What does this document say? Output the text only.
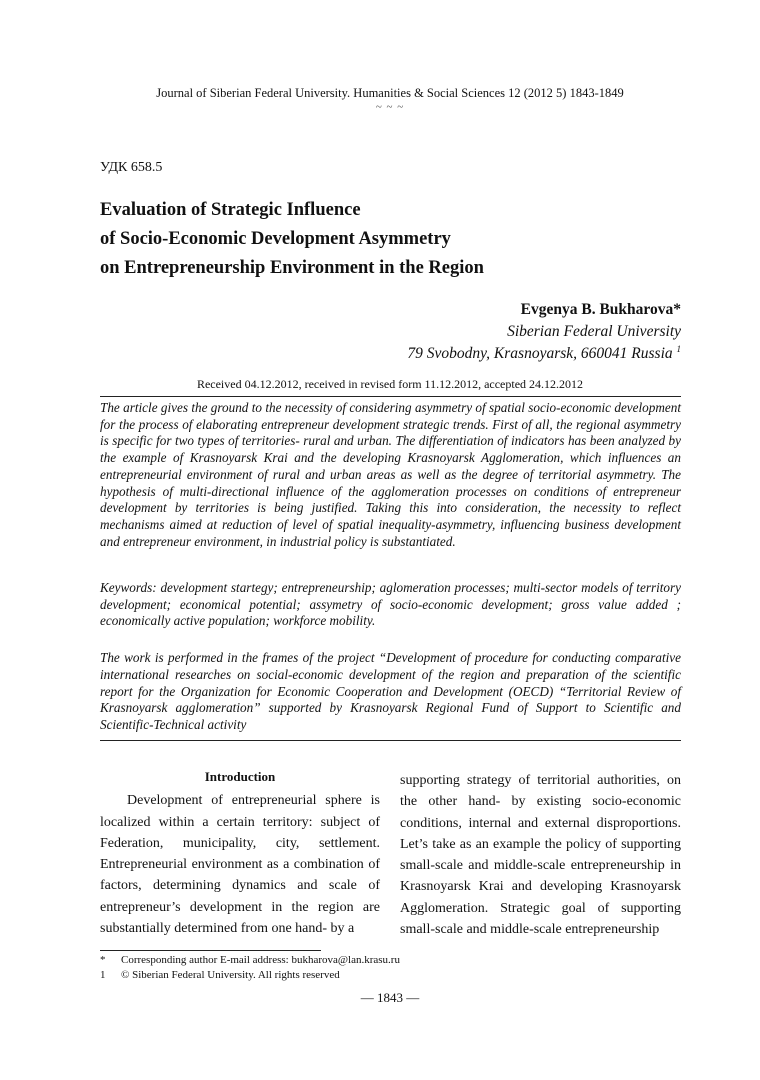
Journal of Siberian Federal University. Humanities & Social Sciences 12 (2012 5) 1843-1849
~ ~ ~
УДК 658.5
Evaluation of Strategic Influence
of Socio-Economic Development Asymmetry
on Entrepreneurship Environment in the Region
Evgenya B. Bukharova*
Siberian Federal University
79 Svobodny, Krasnoyarsk, 660041 Russia $^1$
Received 04.12.2012, received in revised form 11.12.2012, accepted 24.12.2012
The article gives the ground to the necessity of considering asymmetry of spatial socio-economic development for the process of elaborating entrepreneur development strategic trends. First of all, the regional asymmetry is specific for two types of territories- rural and urban. The differentiation of indicators has been analyzed by the example of Krasnoyarsk Krai and the developing Krasnoyarsk Agglomeration, which influences an entrepreneurial environment of rural and urban areas as well as the degree of territorial asymmetry. The hypothesis of multi-directional influence of the agglomeration processes on conditions of entrepreneur development by territories is being justified. Taking this into consideration, the necessity to reflect mechanisms aimed at reduction of level of spatial inequality-asymmetry, influencing business development and entrepreneur environment, in industrial policy is substantiated.
Keywords: development startegy; entrepreneurship; aglomeration processes; multi-sector models of territory development; economical potential; assymetry of socio-economic development; gross value added ; economically active population; workforce mobility.
The work is performed in the frames of the project “Development of procedure for conducting comparative international researches on social-economic development of the region and preparation of the scientific report for the Organization for Economic Cooperation and Development (OECD) “Territorial Review of Krasnoyarsk agglomeration” supported by Krasnoyarsk Regional Fund of Support to Scientific and Scientific-Technical activity
Introduction

Development of entrepreneurial sphere is localized within a certain territory: subject of Federation, municipality, city, settlement. Entrepreneurial environment as a combination of factors, determining dynamics and scale of entrepreneur’s development in the region are substantially determined from one hand- by a

supporting strategy of territorial authorities, on the other hand- by existing socio-economic conditions, internal and external disproportions. Let’s take as an example the policy of supporting small-scale and middle-scale entrepreneurship in Krasnoyarsk Krai and developing Krasnoyarsk Agglomeration. Strategic goal of supporting small-scale and middle-scale entrepreneurship

*	Corresponding author E-mail address: bukharova@lan.krasu.ru
1	© Siberian Federal University. All rights reserved
— 1843 —
